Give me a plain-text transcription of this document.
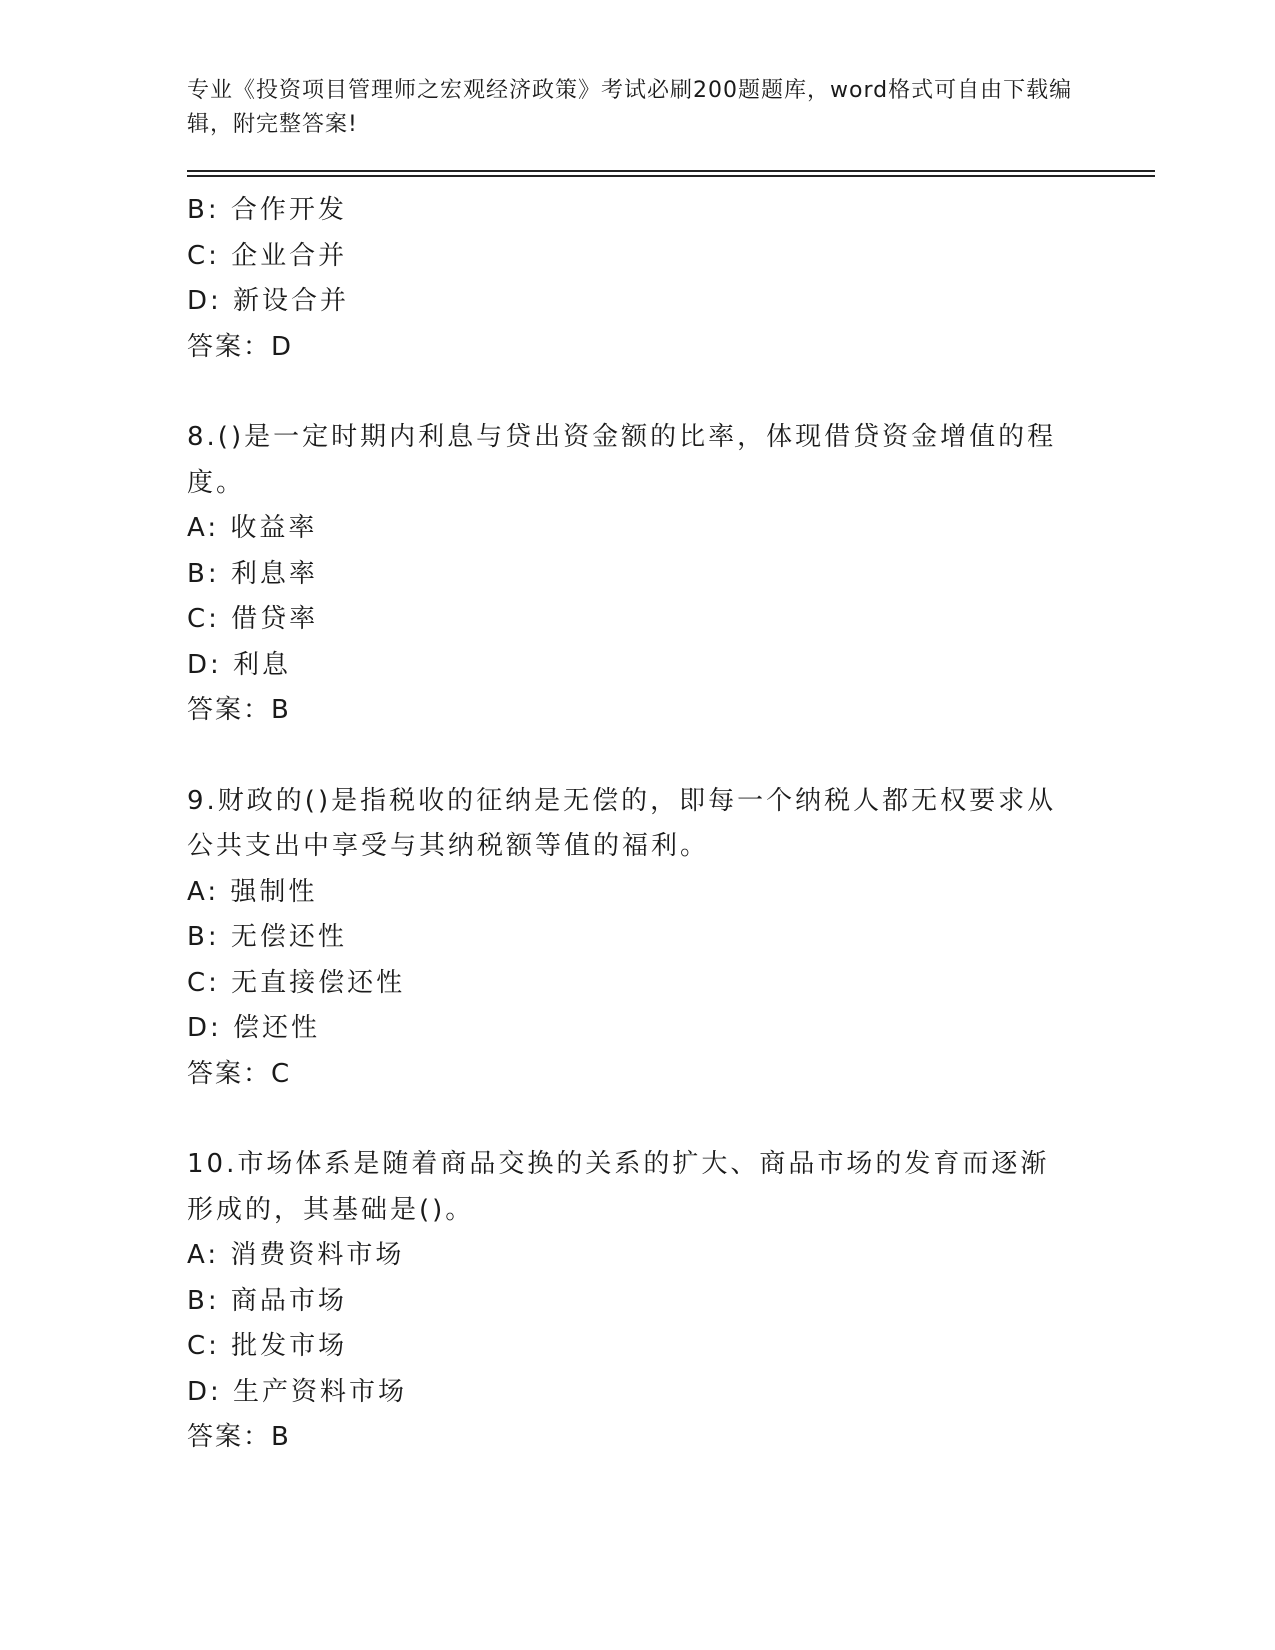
专业《投资项目管理师之宏观经济政策》考试必刷200题题库，word格式可自由下载编辑，附完整答案!
B: 合作开发
C: 企业合并
D: 新设合并
答案：D
8.()是一定时期内利息与贷出资金额的比率，体现借贷资金增值的程度。
A: 收益率
B: 利息率
C: 借贷率
D: 利息
答案：B
9.财政的()是指税收的征纳是无偿的，即每一个纳税人都无权要求从公共支出中享受与其纳税额等值的福利。
A: 强制性
B: 无偿还性
C: 无直接偿还性
D: 偿还性
答案：C
10.市场体系是随着商品交换的关系的扩大、商品市场的发育而逐渐形成的，其基础是()。
A: 消费资料市场
B: 商品市场
C: 批发市场
D: 生产资料市场
答案：B
